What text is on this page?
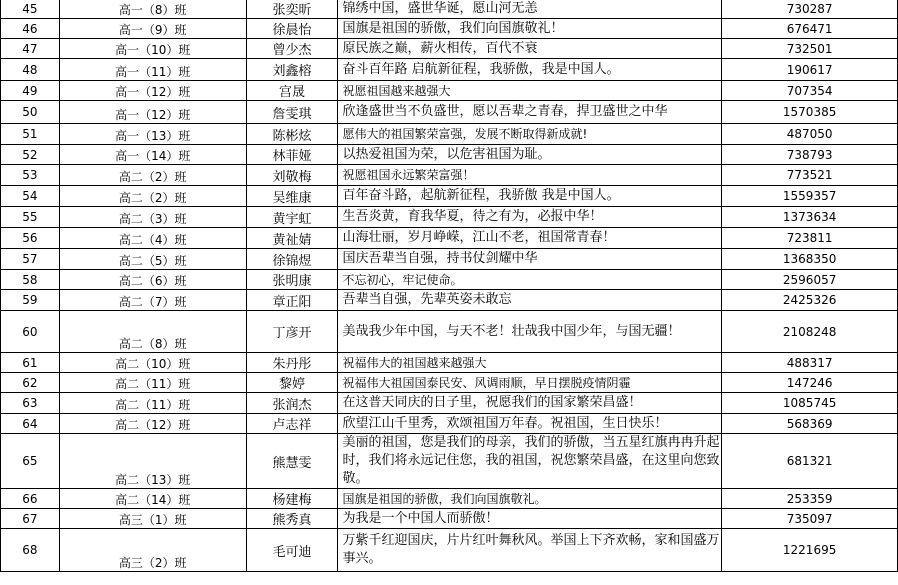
45	高一（8）班	张奕昕	锦绣中国，盛世华诞，愿山河无恙	730287
46	高一（9）班	徐晨怡	国旗是祖国的骄傲，我们向国旗敬礼！	676471
47	高一（10）班	曾少杰	原民族之巅，薪火相传，百代不衰	732501
48	高一（11）班	刘鑫榕	奋斗百年路 启航新征程，我骄傲，我是中国人。	190617
49	高一（12）班	宫晟	祝愿祖国越来越强大	707354
50	高一（12）班	詹雯琪	欣逢盛世当不负盛世，愿以吾辈之青春，捍卫盛世之中华	1570385
51	高一（13）班	陈彬炫	愿伟大的祖国繁荣富强，发展不断取得新成就!	487050
52	高一（14）班	林菲娅	以热爱祖国为荣，以危害祖国为耻。	738793
53	高二（2）班	刘敬梅	祝愿祖国永远繁荣富强！	773521
54	高二（2）班	吴维康	百年奋斗路，起航新征程，我骄傲 我是中国人。	1559357
55	高二（3）班	黄宇虹	生吾炎黄，育我华夏，待之有为，必报中华！	1373634
56	高二（4）班	黄祉婧	山海壮丽，岁月峥嵘，江山不老，祖国常青春！	723811
57	高二（5）班	徐锦煜	国庆吾辈当自强，持书仗剑耀中华	1368350
58	高二（6）班	张明康	不忘初心，牢记使命。	2596057
59	高二（7）班	章正阳	吾辈当自强，先辈英姿未敢忘	2425326
60	高二（8）班	丁彦开	美哉我少年中国，与天不老！壮哉我中国少年，与国无疆！	2108248
61	高二（10）班	朱丹彤	祝福伟大的祖国越来越强大	488317
62	高二（11）班	黎婷	祝福伟大祖国国泰民安、风调雨顺，早日摆脱疫情阴霾	147246
63	高二（11）班	张润杰	在这普天同庆的日子里，祝愿我们的国家繁荣昌盛！	1085745
64	高二（12）班	卢志祥	欣望江山千里秀，欢颂祖国万年春。祝祖国，生日快乐！	568369
65	高二（13）班	熊慧雯	美丽的祖国，您是我们的母亲，我们的骄傲，当五星红旗冉冉升起时，我们将永远记住您，我的祖国，祝您繁荣昌盛，在这里向您致敬。	681321
66	高二（14）班	杨建梅	国旗是祖国的骄傲，我们向国旗敬礼。	253359
67	高三（1）班	熊秀真	为我是一个中国人而骄傲！	735097
68	高三（2）班	毛可迪	万紫千红迎国庆，片片红叶舞秋风。举国上下齐欢畅，家和国盛万事兴。	1221695
